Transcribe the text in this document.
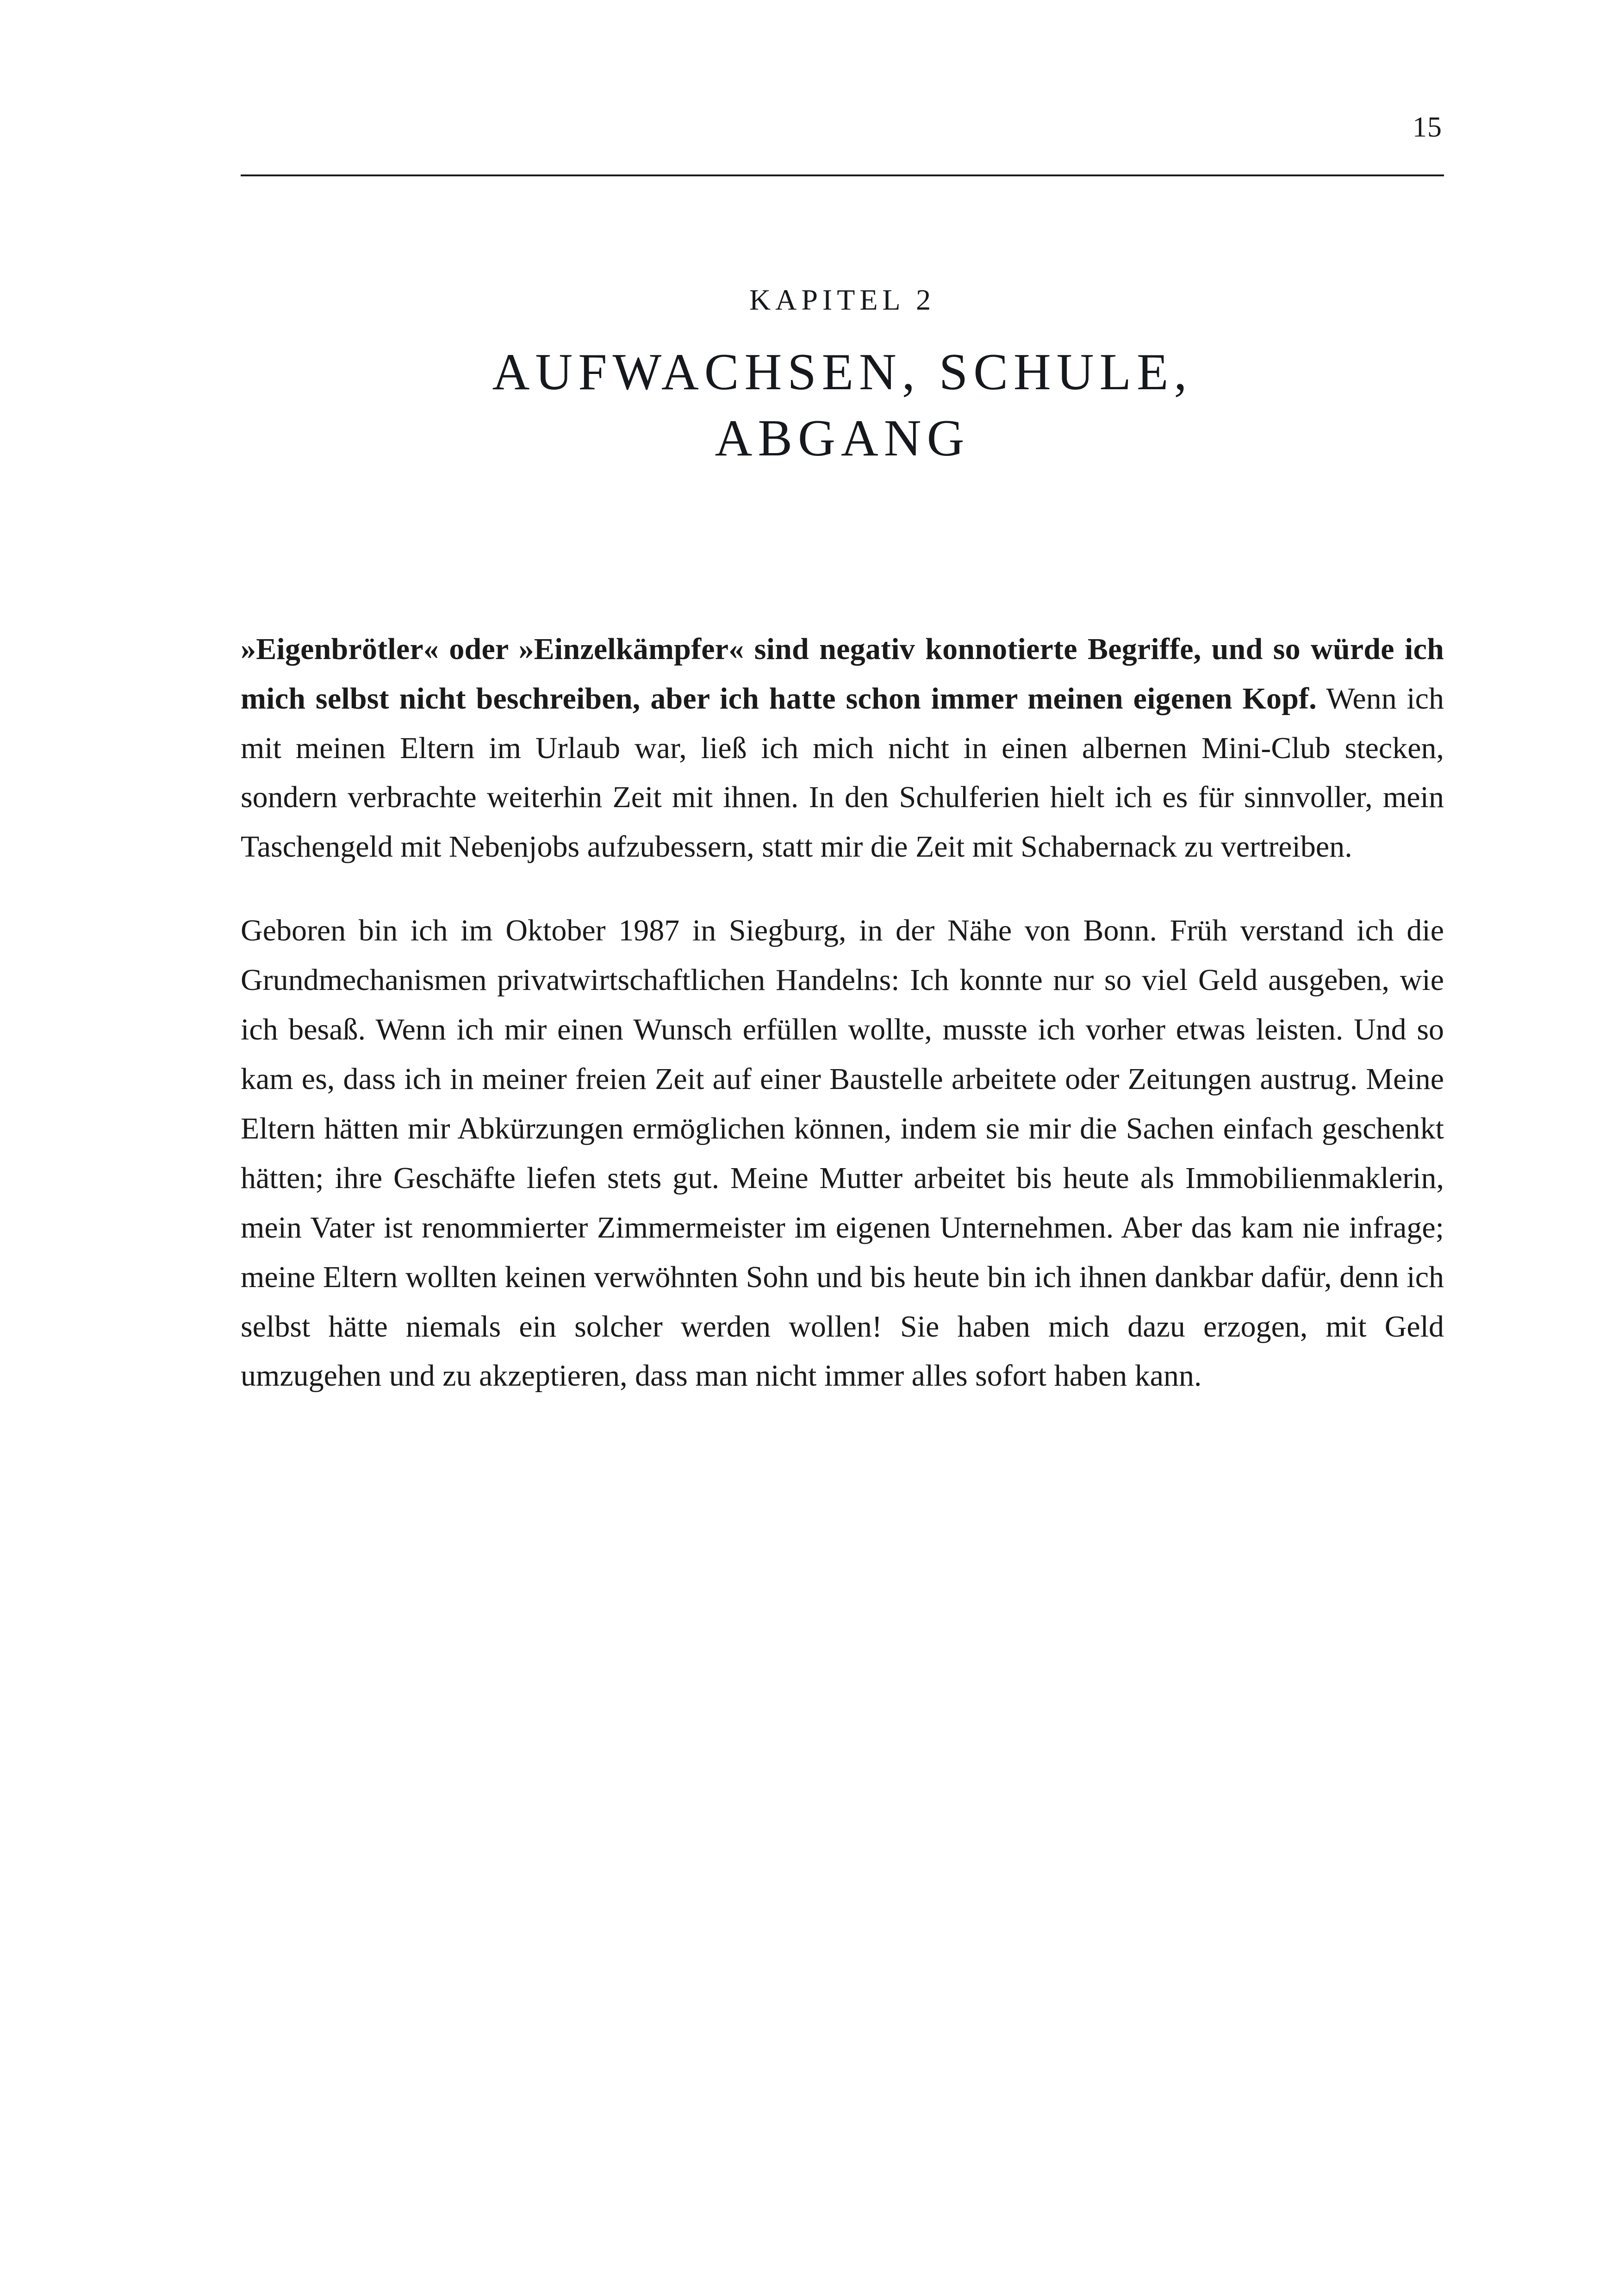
15
KAPITEL 2
AUFWACHSEN, SCHULE,
ABGANG

»Eigenbrötler« oder »Einzelkämpfer« sind negativ konnotierte Begriffe, und so würde ich mich selbst nicht beschreiben, aber ich hatte schon immer meinen eigenen Kopf. Wenn ich mit meinen Eltern im Urlaub war, ließ ich mich nicht in einen albernen Mini-Club stecken, sondern verbrachte weiterhin Zeit mit ihnen. In den Schulferien hielt ich es für sinnvoller, mein Taschengeld mit Nebenjobs aufzubessern, statt mir die Zeit mit Schabernack zu vertreiben.

Geboren bin ich im Oktober 1987 in Siegburg, in der Nähe von Bonn. Früh verstand ich die Grundmechanismen privatwirtschaftlichen Handelns: Ich konnte nur so viel Geld ausgeben, wie ich besaß. Wenn ich mir einen Wunsch erfüllen wollte, musste ich vorher etwas leisten. Und so kam es, dass ich in meiner freien Zeit auf einer Baustelle arbeitete oder Zeitungen austrug. Meine Eltern hätten mir Abkürzungen ermöglichen können, indem sie mir die Sachen einfach geschenkt hätten; ihre Geschäfte liefen stets gut. Meine Mutter arbeitet bis heute als Immobilienmaklerin, mein Vater ist renommierter Zimmermeister im eigenen Unternehmen. Aber das kam nie infrage; meine Eltern wollten keinen verwöhnten Sohn und bis heute bin ich ihnen dankbar dafür, denn ich selbst hätte niemals ein solcher werden wollen! Sie haben mich dazu erzogen, mit Geld umzugehen und zu akzeptieren, dass man nicht immer alles sofort haben kann.
